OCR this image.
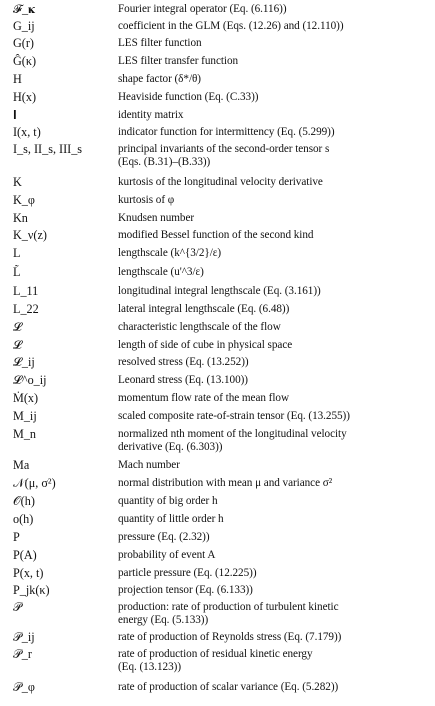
𝓕_𝛋	Fourier integral operator (Eq. (6.116))
G_ij	coefficient in the GLM (Eqs. (12.26) and (12.110))
G(r)	LES filter function
Ĝ(κ)	LES filter transfer function
H	shape factor (δ*/θ)
H(x)	Heaviside function (Eq. (C.33))
𝐈	identity matrix
I(x, t)	indicator function for intermittency (Eq. (5.299))
I_s, II_s, III_s	principal invariants of the second-order tensor s
(Eqs. (B.31)–(B.33))
K	kurtosis of the longitudinal velocity derivative
K_φ	kurtosis of φ
Kn	Knudsen number
K_ν(z)	modified Bessel function of the second kind
L	lengthscale (k^{3/2}/ε)
L̃	lengthscale (u'^3/ε)
L_11	longitudinal integral lengthscale (Eq. (3.161))
L_22	lateral integral lengthscale (Eq. (6.48))
𝓛	characteristic lengthscale of the flow
𝓛	length of side of cube in physical space
𝓛_ij	resolved stress (Eq. (13.252))
𝓛^o_ij	Leonard stress (Eq. (13.100))
Ṁ(x)	momentum flow rate of the mean flow
M_ij	scaled composite rate-of-strain tensor (Eq. (13.255))
M_n	normalized nth moment of the longitudinal velocity
derivative (Eq. (6.303))
Ma	Mach number
𝒩(μ, σ²)	normal distribution with mean μ and variance σ²
𝒪(h)	quantity of big order h
o(h)	quantity of little order h
P	pressure (Eq. (2.32))
P(A)	probability of event A
P(x, t)	particle pressure (Eq. (12.225))
P_jk(κ)	projection tensor (Eq. (6.133))
𝒫	production: rate of production of turbulent kinetic
energy (Eq. (5.133))
𝒫_ij	rate of production of Reynolds stress (Eq. (7.179))
𝒫_r	rate of production of residual kinetic energy
(Eq. (13.123))
𝒫_φ	rate of production of scalar variance (Eq. (5.282))
